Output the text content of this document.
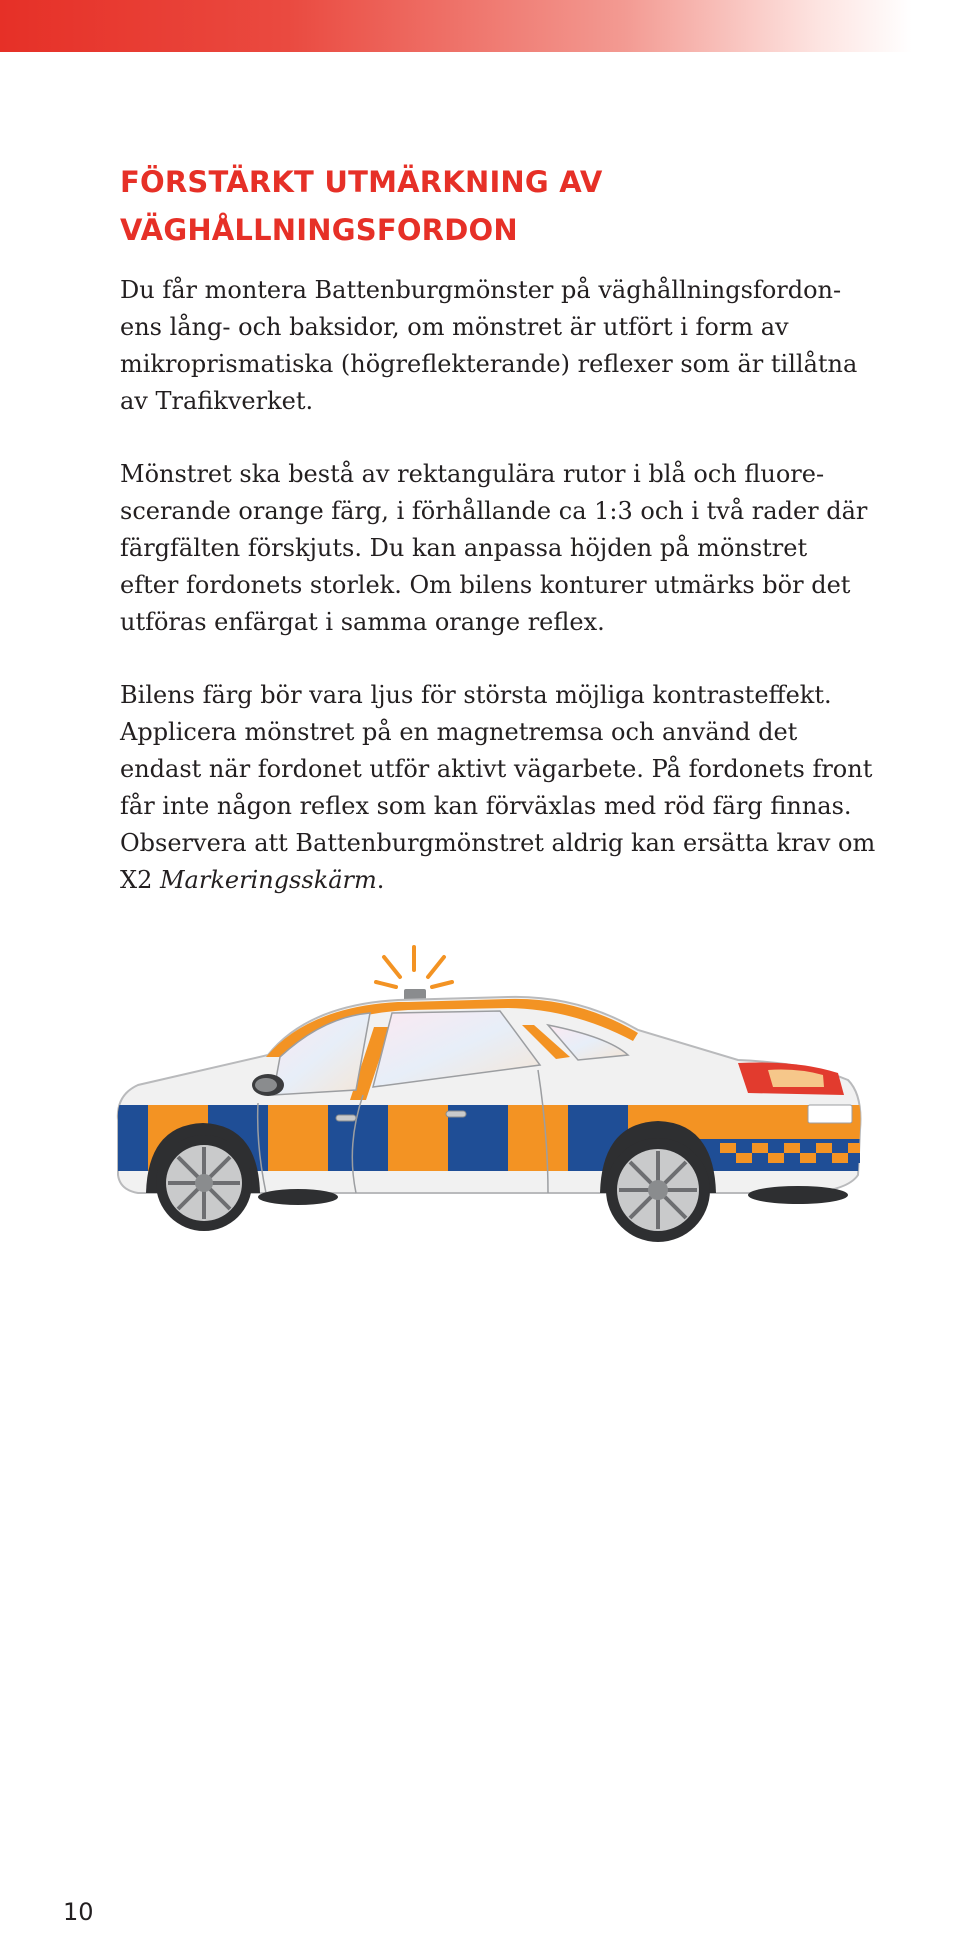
FÖRSTÄRKT UTMÄRKNING AV
VÄGHÅLLNINGSFORDON

Du får montera Battenburgmönster på väghållningsfordon-
ens lång- och baksidor, om mönstret är utfört i form av
mikroprismatiska (högreflekterande) reflexer som är tillåtna
av Trafikverket.

Mönstret ska bestå av rektangulära rutor i blå och fluore-
scerande orange färg, i förhållande ca 1:3 och i två rader där
färgfälten förskjuts. Du kan anpassa höjden på mönstret
efter fordonets storlek. Om bilens konturer utmärks bör det
utföras enfärgat i samma orange reflex.

Bilens färg bör vara ljus för största möjliga kontrasteffekt.
Applicera mönstret på en magnetremsa och använd det
endast när fordonet utför aktivt vägarbete. På fordonets front
får inte någon reflex som kan förväxlas med röd färg finnas.
Observera att Battenburgmönstret aldrig kan ersätta krav om
X2 Markeringsskärm.

10
